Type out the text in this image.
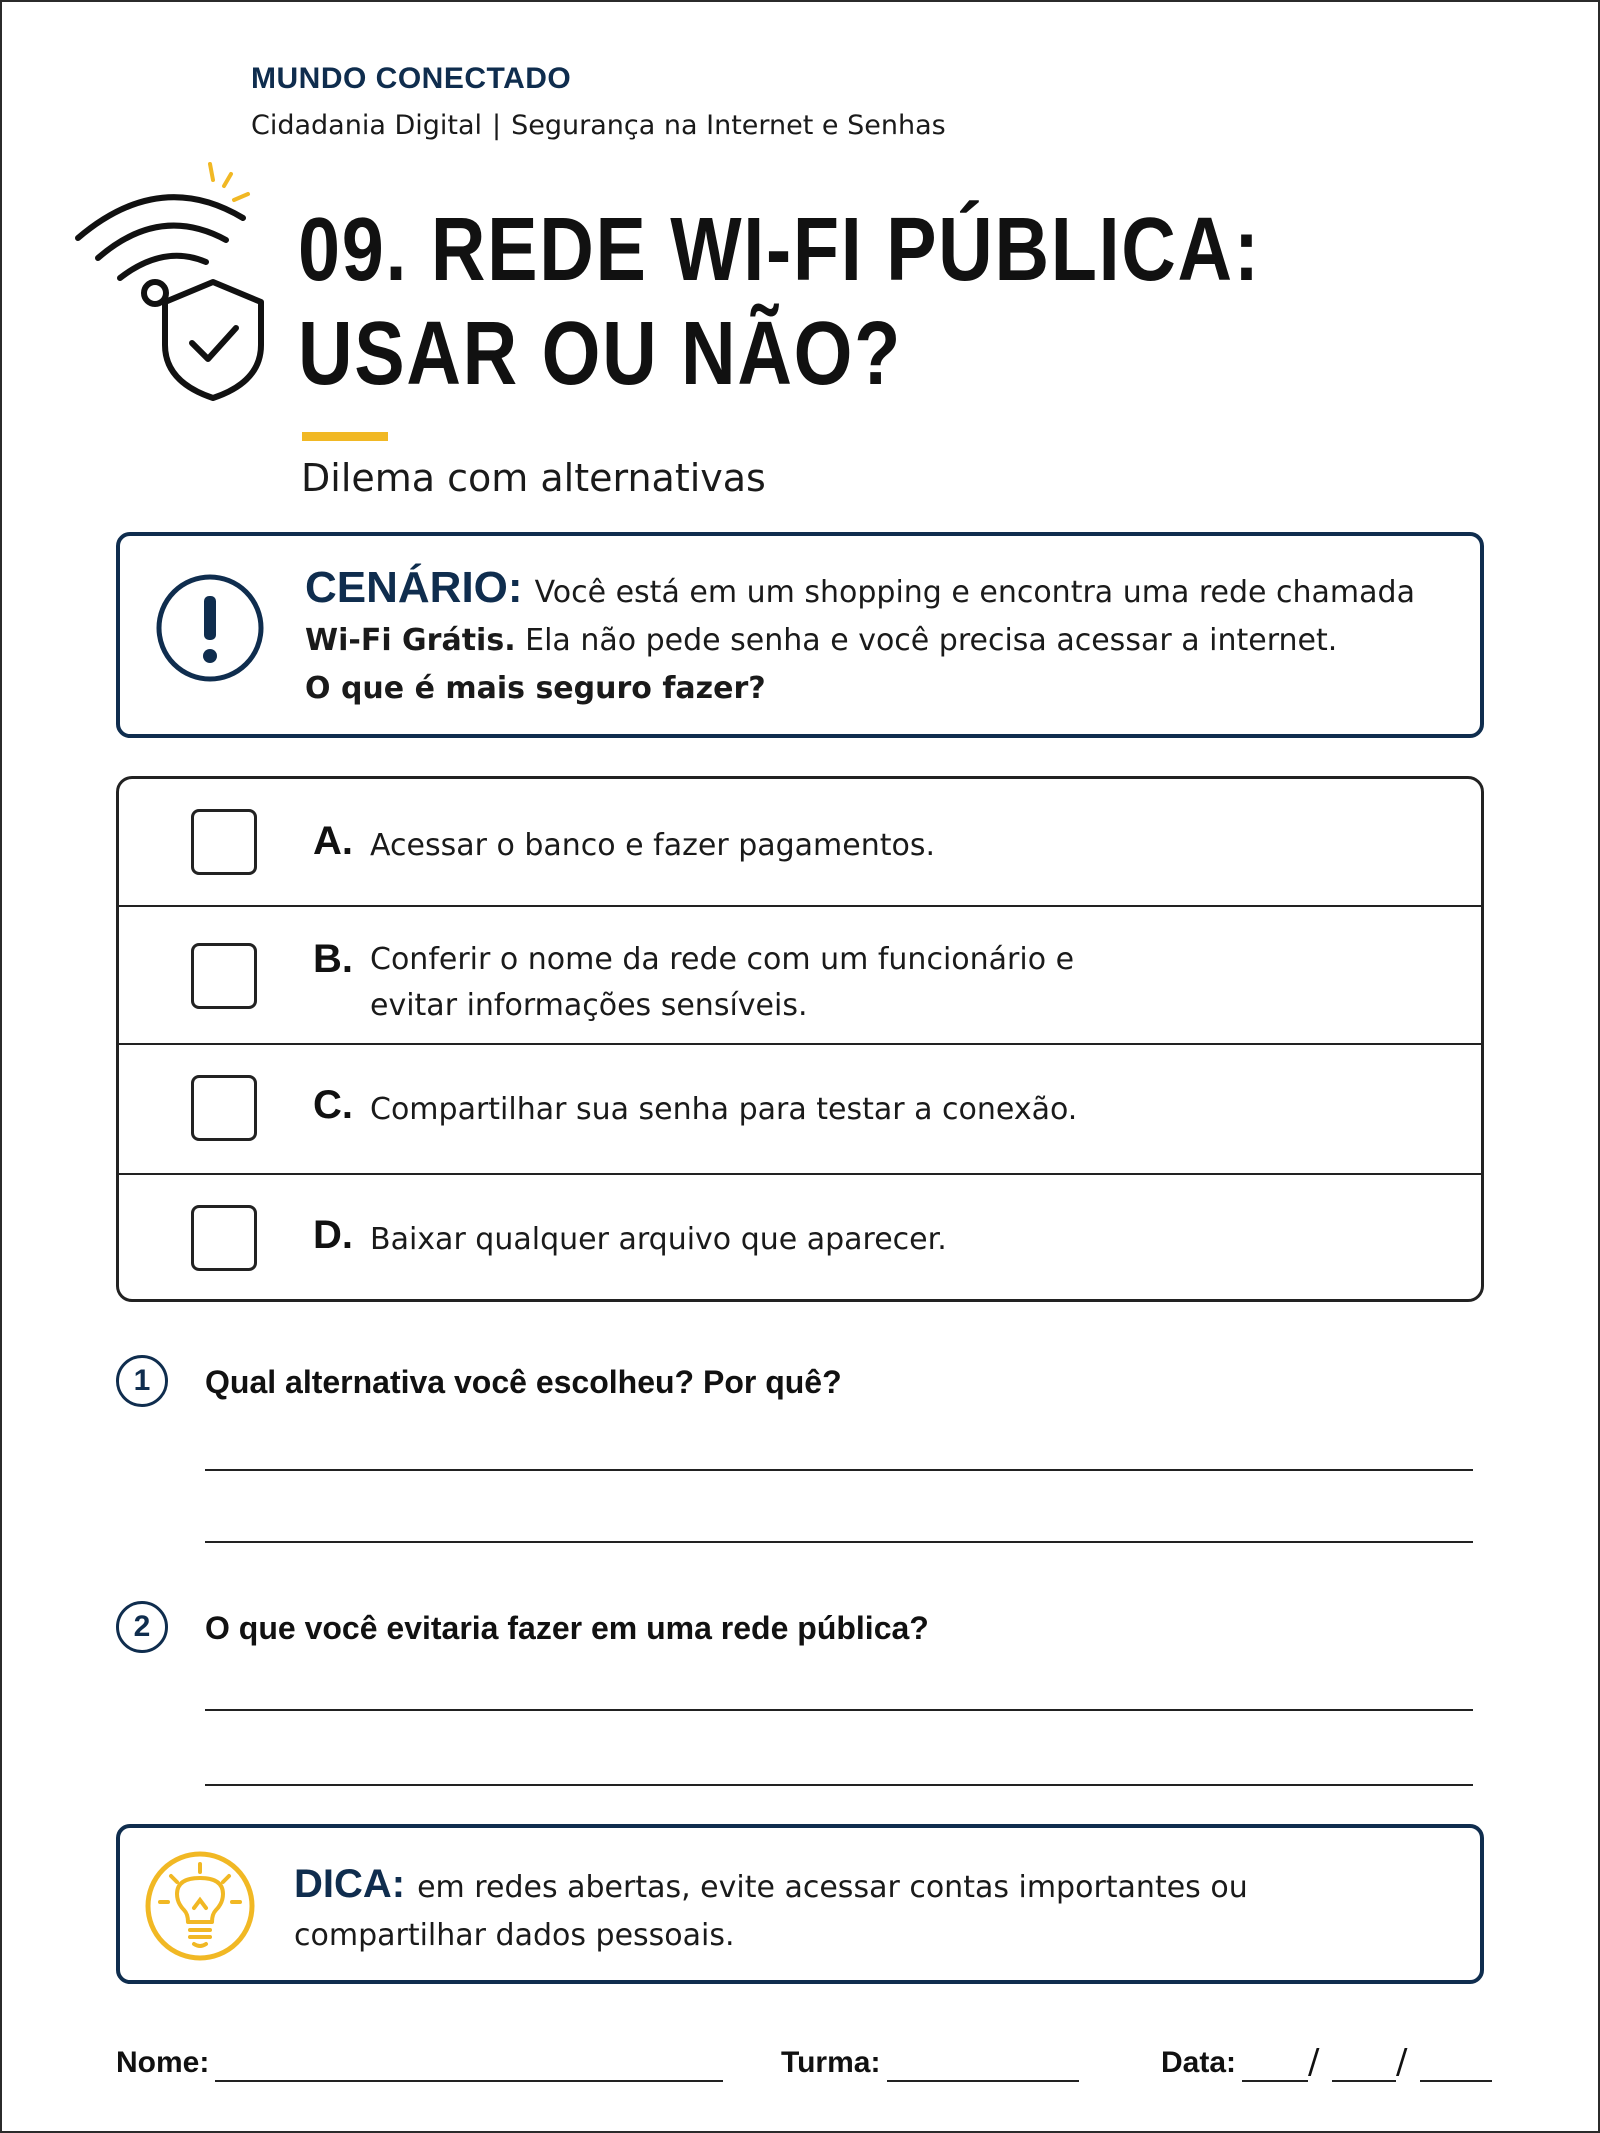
MUNDO CONECTADO
Cidadania Digital | Segurança na Internet e Senhas
09. REDE WI-FI PÚBLICA:
USAR OU NÃO?
Dilema com alternativas
CENÁRIO: Você está em um shopping e encontra uma rede chamada
Wi-Fi Grátis. Ela não pede senha e você precisa acessar a internet.
O que é mais seguro fazer?
A. Acessar o banco e fazer pagamentos.
B. Conferir o nome da rede com um funcionário e evitar informações sensíveis.
C. Compartilhar sua senha para testar a conexão.
D. Baixar qualquer arquivo que aparecer.
1	Qual alternativa você escolheu? Por quê?
2	O que você evitaria fazer em uma rede pública?
DICA: em redes abertas, evite acessar contas importantes ou compartilhar dados pessoais.
Nome:	Turma:	Data: / /
